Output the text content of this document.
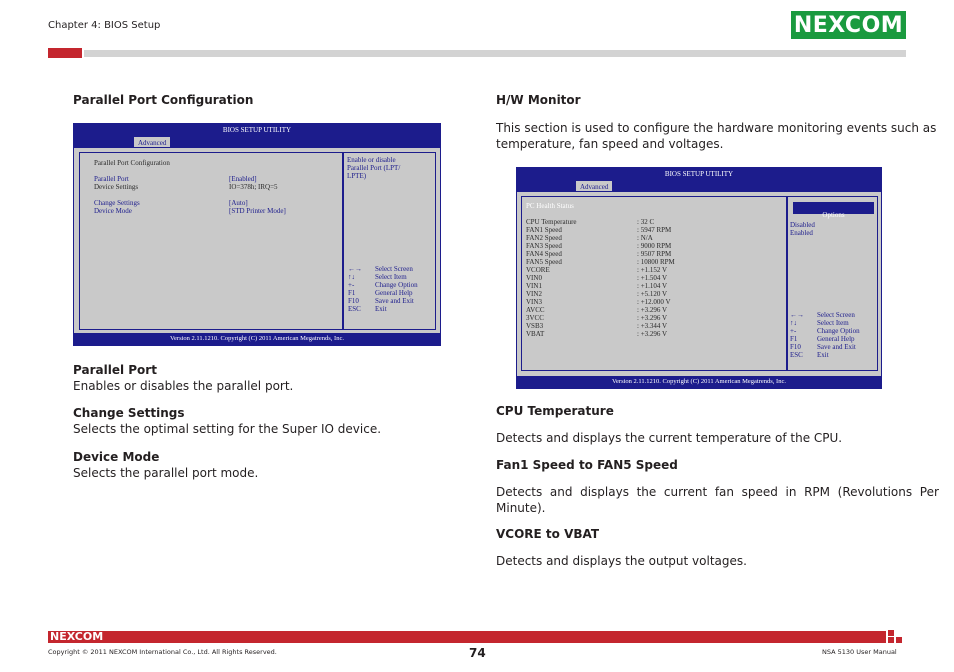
Chapter 4: BIOS Setup	NEXCOM
Parallel Port Configuration
BIOS SETUP UTILITY
Advanced
Parallel Port Configuration
Parallel Port	[Enabled]
Device Settings	IO=378h; IRQ=5
Change Settings	[Auto]
Device Mode	[STD Printer Mode]
Enable or disable
Parallel Port (LPT/
LPTE)
←→ Select Screen
↑↓	Select Item
+-	Change Option
F1	General Help
F10 Save and Exit
ESC Exit
Version 2.11.1210. Copyright (C) 2011 American Megatrends, Inc.
Parallel Port
Enables or disables the parallel port.
Change Settings
Selects the optimal setting for the Super IO device.
Device Mode
Selects the parallel port mode.
H/W Monitor
This section is used to configure the hardware monitoring events such as
temperature, fan speed and voltages.
BIOS SETUP UTILITY
Advanced
PC Health Status
CPU Temperature	: 32 C
FAN1 Speed	: 5947 RPM
FAN2 Speed	: N/A
FAN3 Speed	: 9000 RPM
FAN4 Speed	: 9507 RPM
FAN5 Speed	: 10800 RPM
VCORE	: +1.152 V
VIN0	: +1.504 V
VIN1	: +1.104 V
VIN2	: +5.120 V
VIN3	: +12.000 V
AVCC	: +3.296 V
3VCC	: +3.296 V
VSB3	: +3.344 V
VBAT	: +3.296 V
Options
Disabled
Enabled
←→ Select Screen
↑↓	Select Item
+-	Change Option
F1	General Help
F10 Save and Exit
ESC Exit
Version 2.11.1210. Copyright (C) 2011 American Megatrends, Inc.
CPU Temperature
Detects and displays the current temperature of the CPU.
Fan1 Speed to FAN5 Speed
Detects  and  displays  the  current  fan  speed  in  RPM  (Revolutions  Per
Minute).
VCORE to VBAT
Detects and displays the output voltages.
NEXCOM
Copyright © 2011 NEXCOM International Co., Ltd. All Rights Reserved.	74	NSA 5130 User Manual
